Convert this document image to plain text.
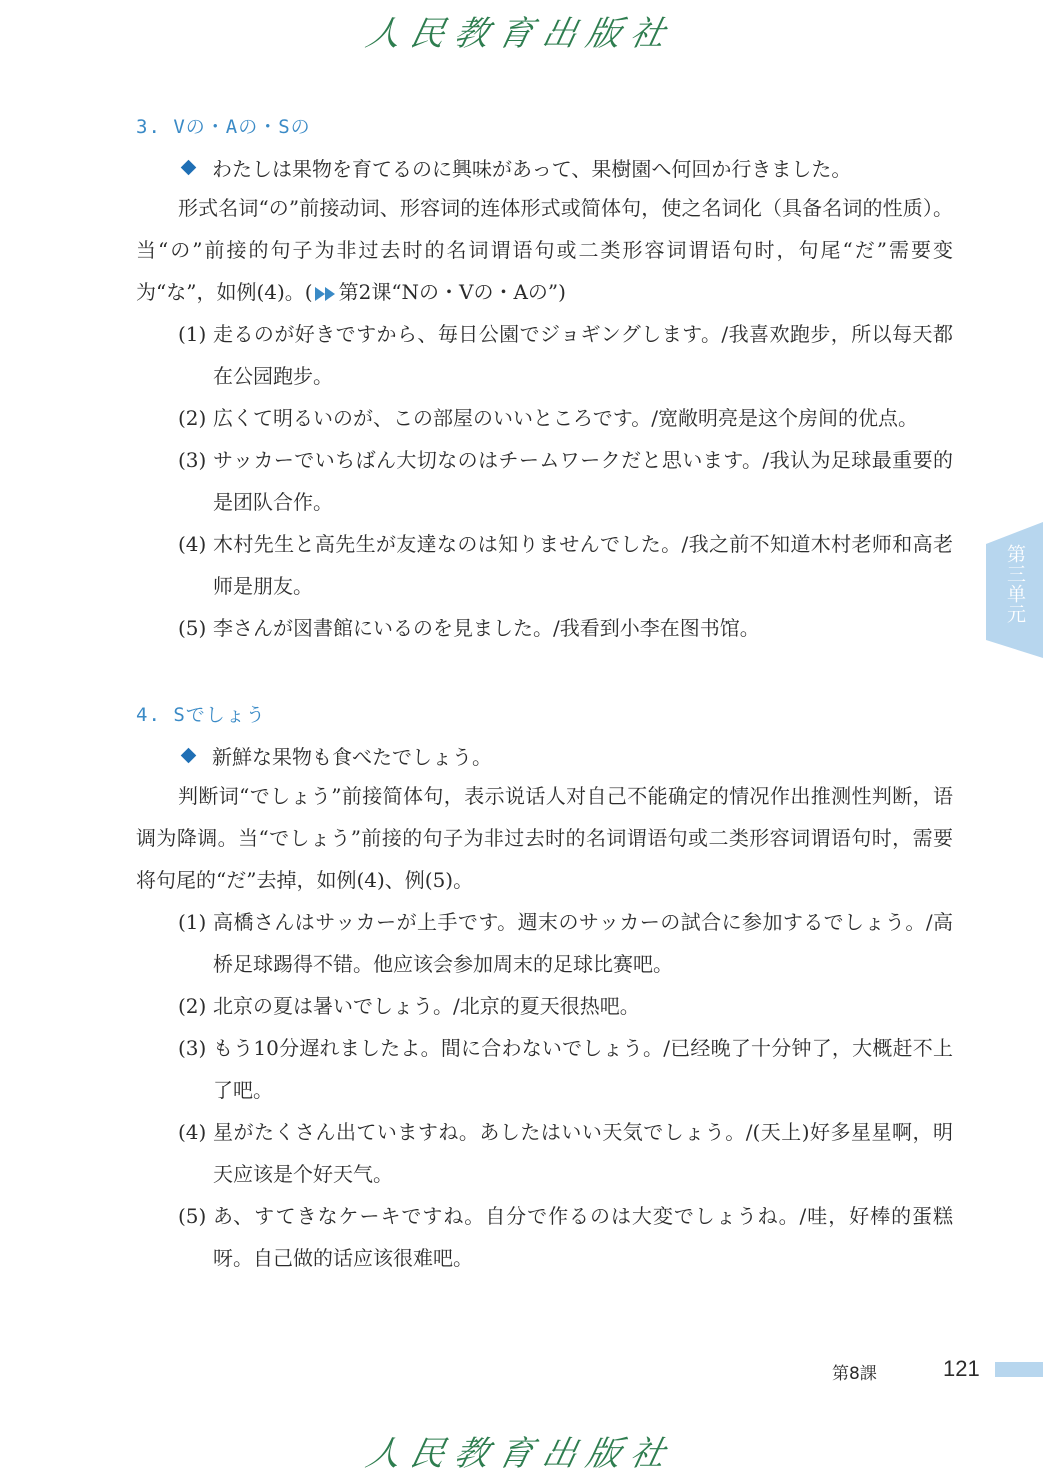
人民教育出版社
3. Vの・Aの・Sの
わたしは果物を育てるのに興味があって、果樹園へ何回か行きました。

形式名词“の”前接动词、形容词的连体形式或简体句，使之名词化（具备名词的性质）。当“の”前接的句子为非过去时的名词谓语句或二类形容词谓语句时，句尾“だ”需要变为“な”，如例(4)。( 第2课“Nの・Vの・Aの”)

(1) 走るのが好きですから、毎日公園でジョギングします。/我喜欢跑步，所以每天都在公园跑步。
(2) 広くて明るいのが、この部屋のいいところです。/宽敞明亮是这个房间的优点。
(3) サッカーでいちばん大切なのはチームワークだと思います。/我认为足球最重要的是团队合作。
(4) 木村先生と高先生が友達なのは知りませんでした。/我之前不知道木村老师和高老师是朋友。
(5) 李さんが図書館にいるのを見ました。/我看到小李在图书馆。
4. Sでしょう
新鮮な果物も食べたでしょう。

判断词“でしょう”前接简体句，表示说话人对自己不能确定的情况作出推测性判断，语调为降调。当“でしょう”前接的句子为非过去时的名词谓语句或二类形容词谓语句时，需要将句尾的“だ”去掉，如例(4)、例(5)。

(1) 高橋さんはサッカーが上手です。週末のサッカーの試合に参加するでしょう。/高桥足球踢得不错。他应该会参加周末的足球比赛吧。
(2) 北京の夏は暑いでしょう。/北京的夏天很热吧。
(3) もう10分遅れましたよ。間に合わないでしょう。/已经晚了十分钟了，大概赶不上了吧。
(4) 星がたくさん出ていますね。あしたはいい天気でしょう。/(天上)好多星星啊，明天应该是个好天气。
(5) あ、すてきなケーキですね。自分で作るのは大変でしょうね。/哇，好棒的蛋糕呀。自己做的话应该很难吧。
第三单元
第8課	121
人民教育出版社
